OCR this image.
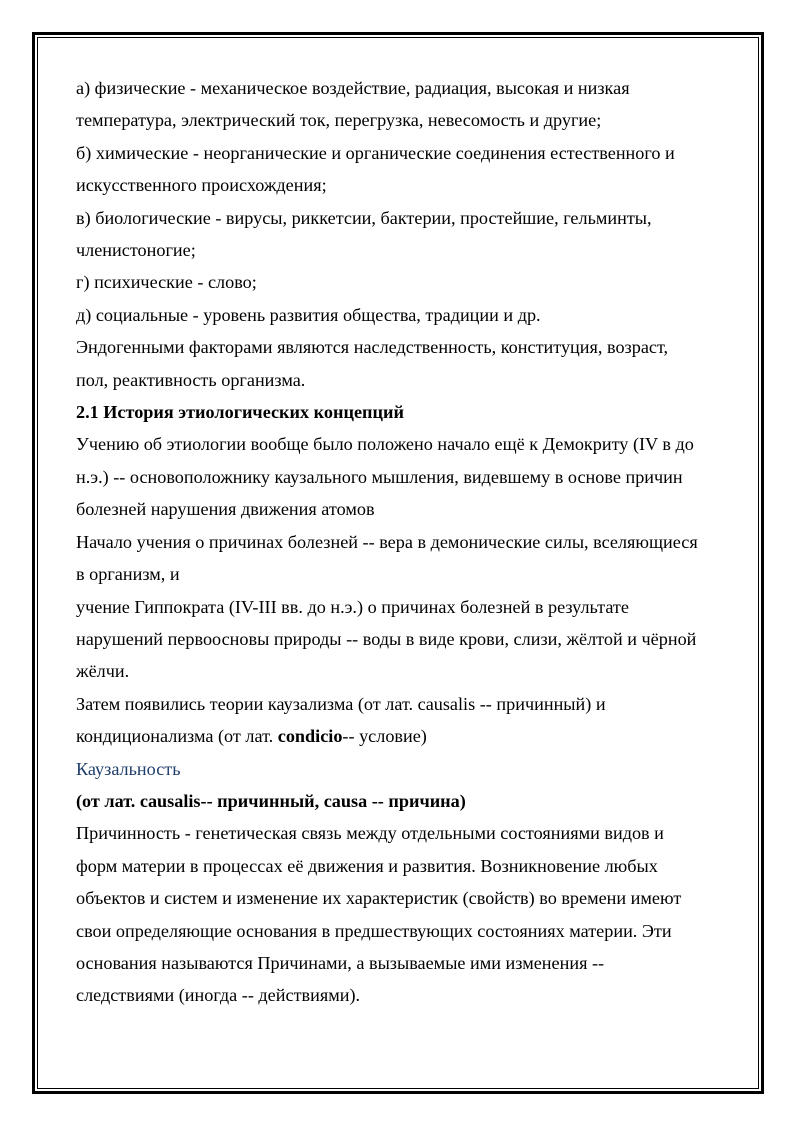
а) физические - механическое воздействие, радиация, высокая и низкая

температура, электрический ток, перегрузка, невесомость и другие;

б) химические - неорганические и органические соединения естественного и

искусственного происхождения;

в) биологические - вирусы, риккетсии, бактерии, простейшие, гельминты,

членистоногие;

г) психические - слово;

д) социальные - уровень развития общества, традиции и др.

Эндогенными факторами являются наследственность, конституция, возраст,

пол, реактивность организма.

2.1 История этиологических концепций

Учению об этиологии вообще было положено начало ещё к Демокриту (IV в до

н.э.) -- основоположнику каузального мышления, видевшему в основе причин

болезней нарушения движения атомов

Начало учения о причинах болезней -- вера в демонические силы, вселяющиеся

в организм, и

учение Гиппократа (IV-III вв. до н.э.) о причинах болезней в результате

нарушений первоосновы природы -- воды в виде крови, слизи, жёлтой и чёрной

жёлчи.

Затем появились теории каузализма (от лат. causalis -- причинный) и

кондиционализма (от лат. condicio-- условие)

Каузальность

(от лат. causalis-- причинный, causa -- причина)

Причинность - генетическая связь между отдельными состояниями видов и

форм материи в процессах её движения и развития. Возникновение любых

объектов и систем и изменение их характеристик (свойств) во времени имеют

свои определяющие основания в предшествующих состояниях материи. Эти

основания называются Причинами, а вызываемые ими изменения --

следствиями (иногда -- действиями).
